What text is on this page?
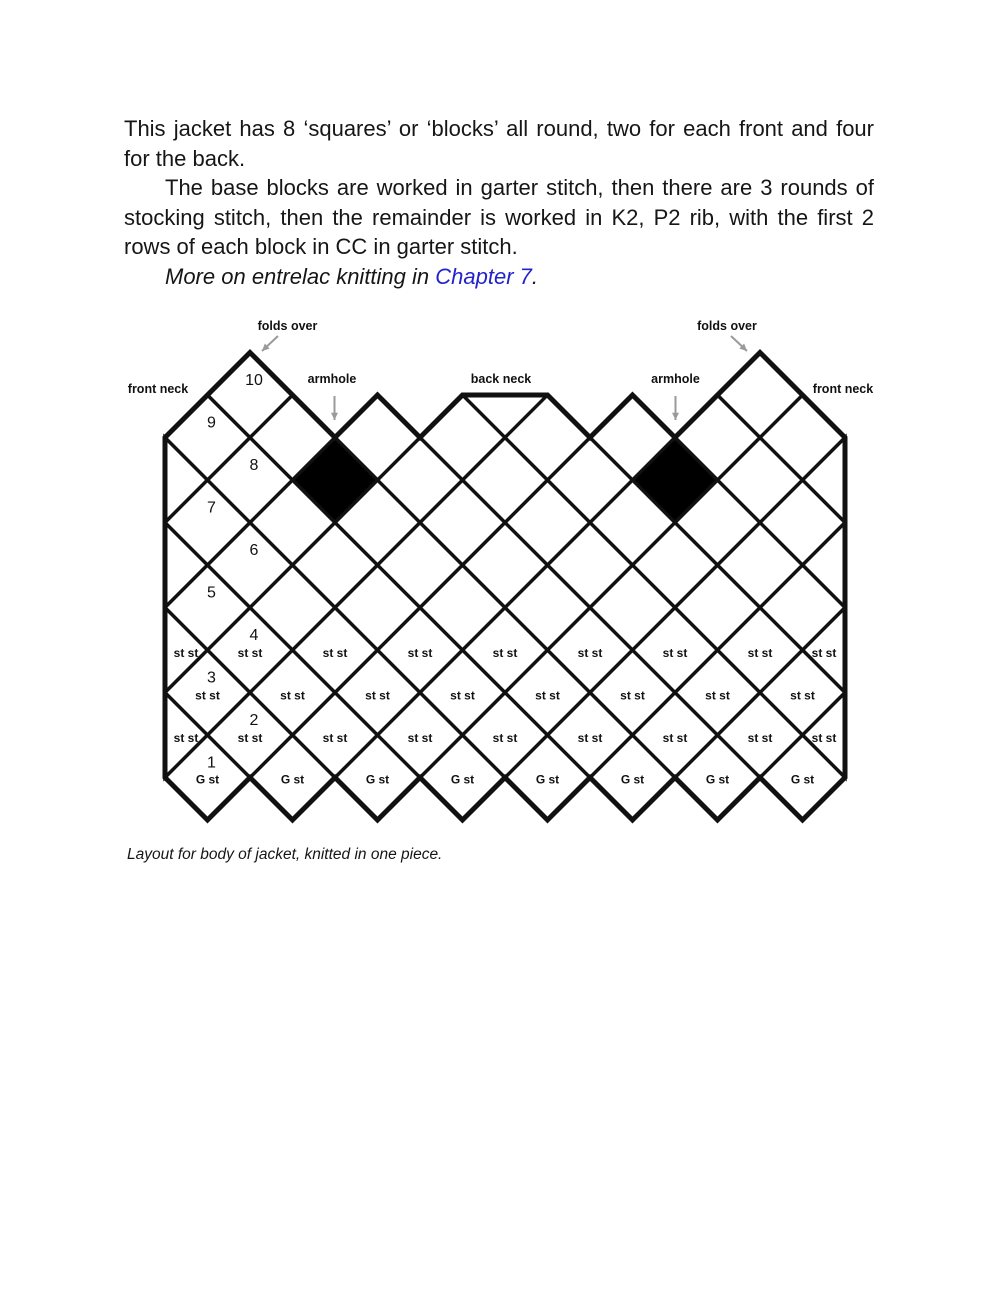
This jacket has 8 ‘squares’ or ‘blocks’ all round, two for each front and four for the back.

The base blocks are worked in garter stitch, then there are 3 rounds of stocking stitch, then the remainder is worked in K2, P2 rib, with the first 2 rows of each block in CC in garter stitch.

More on entrelac knitting in Chapter 7.

G st	G st	G st	G st	G st	G st	G st	G st
st st	st st	st st	st st	st st	st st	st st	st st	st st
st st	st st	st st	st st	st st	st st	st st	st st
st st	st st	st st	st st	st st	st st	st st	st st	st st
1
2
3
4
5
6
7
8
9
10
folds over	folds over
front neck	front neck
armhole	armhole
back neck
Layout for body of jacket, knitted in one piece.
